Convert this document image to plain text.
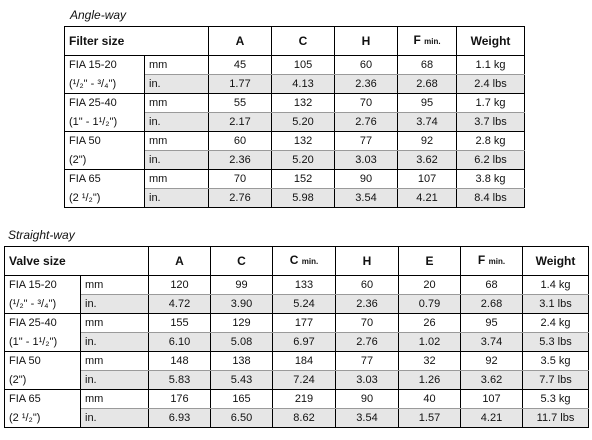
Angle-way

Filter size		A	C	H	F min.	Weight
FIA 15-20	mm	45	105	60	68	1.1 kg
(¹/₂" - ³/₄")	in.	1.77	4.13	2.36	2.68	2.4 lbs
FIA 25-40	mm	55	132	70	95	1.7 kg
(1" - 1¹/₂")	in.	2.17	5.20	2.76	3.74	3.7 lbs
FIA 50	mm	60	132	77	92	2.8 kg
(2")	in.	2.36	5.20	3.03	3.62	6.2 lbs
FIA 65	mm	70	152	90	107	3.8 kg
(2 ¹/₂")	in.	2.76	5.98	3.54	4.21	8.4 lbs

Straight-way

Valve size		A	C	C min.	H	E	F min.	Weight
FIA 15-20	mm	120	99	133	60	20	68	1.4 kg
(¹/₂" - ³/₄")	in.	4.72	3.90	5.24	2.36	0.79	2.68	3.1 lbs
FIA 25-40	mm	155	129	177	70	26	95	2.4 kg
(1" - 1¹/₂")	in.	6.10	5.08	6.97	2.76	1.02	3.74	5.3 lbs
FIA 50	mm	148	138	184	77	32	92	3.5 kg
(2")	in.	5.83	5.43	7.24	3.03	1.26	3.62	7.7 lbs
FIA 65	mm	176	165	219	90	40	107	5.3 kg
(2 ¹/₂")	in.	6.93	6.50	8.62	3.54	1.57	4.21	11.7 lbs
